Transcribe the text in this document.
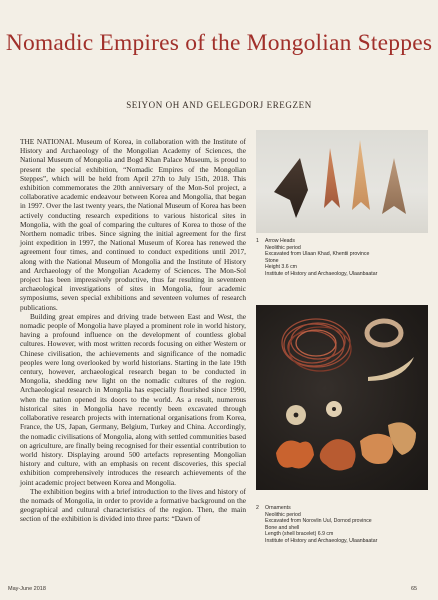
Nomadic Empires of the Mongolian Steppes
SEIYON OH AND GELEGDORJ EREGZEN

THE NATIONAL Museum of Korea, in collaboration with the Institute of History and Archaeology of the Mongolian Academy of Sciences, the National Museum of Mongolia and Bogd Khan Palace Museum, is proud to present the special exhibition, “Nomadic Empires of the Mongolian Steppes”, which will be held from April 27th to July 15th, 2018. This exhibition commemorates the 20th anniversary of the Mon-Sol project, a collaborative academic endeavour between Korea and Mongolia, that began in 1997. Over the last twenty years, the National Museum of Korea has been actively conducting research expeditions to various historical sites in Mongolia, with the goal of comparing the cultures of Korea to those of the Northern nomadic tribes. Since signing the initial agreement for the first joint expedition in 1997, the National Museum of Korea has renewed the agreement four times, and continued to conduct expeditions until 2017, along with the National Museum of Mongolia and the Institute of History and Archaeology of the Mongolian Academy of Sciences. The Mon-Sol project has been impressively productive, thus far resulting in seventeen archaeological investigations of sites in Mongolia, four academic symposiums, seven special exhibitions and seventeen volumes of research publications.

Building great empires and driving trade between East and West, the nomadic people of Mongolia have played a prominent role in world history, having a profound influence on the development of countless global cultures. However, with most written records focusing on either Western or Chinese civilisation, the achievements and significance of the nomadic peoples were long overlooked by world historians. Starting in the late 19th century, however, archaeological research began to be conducted in Mongolia, shedding new light on the nomadic cultures of the region. Archaeological research in Mongolia has especially flourished since 1990, when the nation opened its doors to the world. As a result, numerous historical sites in Mongolia have recently been excavated through collaborative research projects with international organisations from Korea, France, the US, Japan, Germany, Belgium, Turkey and China. Accordingly, the nomadic civilisations of Mongolia, along with settled communities based on agriculture, are finally being recognised for their essential contribution to world history. Displaying around 500 artefacts representing Mongolian history and culture, with an emphasis on recent discoveries, this special exhibition comprehensively introduces the research achievements of the joint academic project between Korea and Mongolia.

The exhibition begins with a brief introduction to the lives and history of the nomads of Mongolia, in order to provide a formative background on the geographical and cultural characteristics of the region. Then, the main section of the exhibition is divided into three parts: “Dawn of

1 Arrow Heads
Neolithic period
Excavated from Ulaan Khad, Khentii province
Stone
Height 3.6 cm
Institute of History and Archaeology, Ulaanbaatar
2 Ornaments
Neolithic period
Excavated from Norovlin Uul, Dornod province
Bone and shell
Length (shell bracelet) 6.9 cm
Institute of History and Archaeology, Ulaanbaatar
May-June 2018	65
